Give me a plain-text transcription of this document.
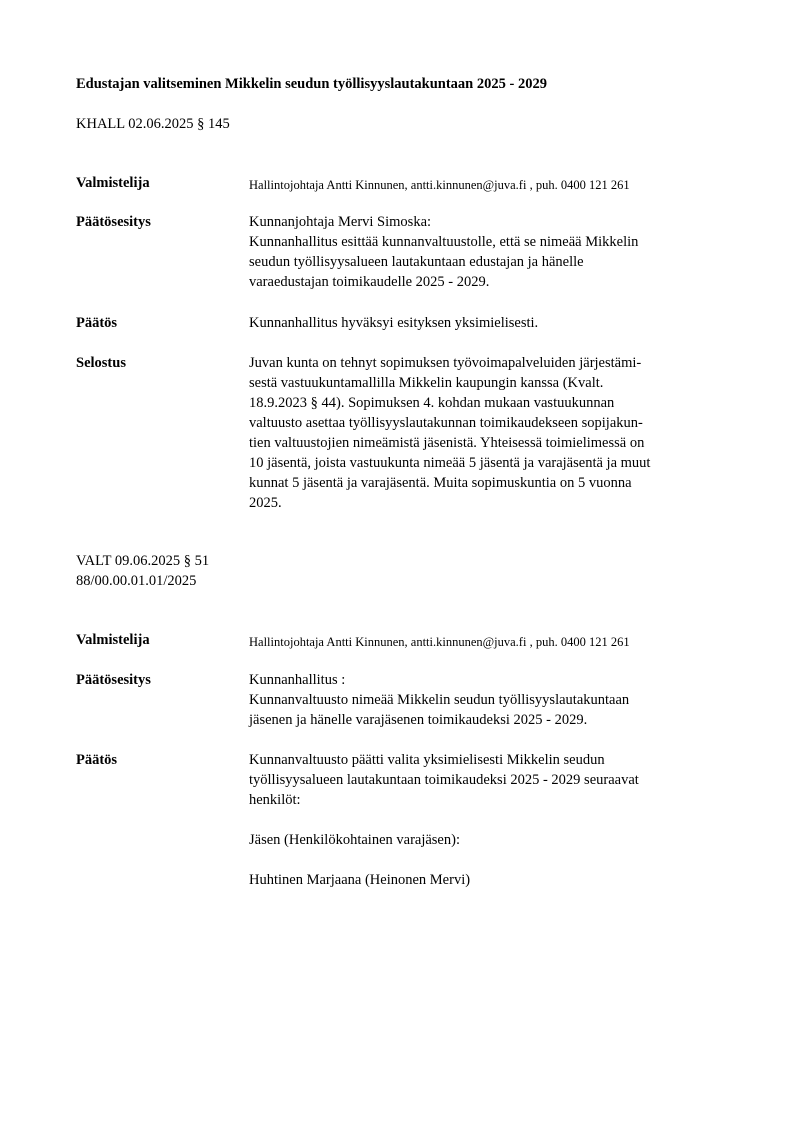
Edustajan valitseminen Mikkelin seudun työllisyyslautakuntaan 2025 - 2029
KHALL 02.06.2025 § 145
Valmistelija	Hallintojohtaja Antti Kinnunen, antti.kinnunen@juva.fi , puh. 0400 121 261
Päätösesitys	Kunnanjohtaja Mervi Simoska:
Kunnanhallitus esittää kunnanvaltuustolle, että se nimeää Mikkelin
seudun työllisyysalueen lautakuntaan edustajan ja hänelle
varaedustajan toimikaudelle 2025 - 2029.
Päätös	Kunnanhallitus hyväksyi esityksen yksimielisesti.
Selostus	Juvan kunta on tehnyt sopimuksen työvoimapalveluiden järjestämi-
sestä vastuukuntamallilla Mikkelin kaupungin kanssa (Kvalt.
18.9.2023 § 44). Sopimuksen 4. kohdan mukaan vastuukunnan
valtuusto asettaa työllisyyslautakunnan toimikaudekseen sopijakun-
tien valtuustojien nimeämistä jäsenistä. Yhteisessä toimielimessä on
10 jäsentä, joista vastuukunta nimeää 5 jäsentä ja varajäsentä ja muut
kunnat 5 jäsentä ja varajäsentä. Muita sopimuskuntia on 5 vuonna
2025.
VALT 09.06.2025 § 51
88/00.00.01.01/2025
Valmistelija	Hallintojohtaja Antti Kinnunen, antti.kinnunen@juva.fi , puh. 0400 121 261
Päätösesitys	Kunnanhallitus :
Kunnanvaltuusto nimeää Mikkelin seudun työllisyyslautakuntaan
jäsenen ja hänelle varajäsenen toimikaudeksi 2025 - 2029.
Päätös	Kunnanvaltuusto päätti valita yksimielisesti Mikkelin seudun
työllisyysalueen lautakuntaan toimikaudeksi 2025 - 2029 seuraavat
henkilöt:
Jäsen (Henkilökohtainen varajäsen):
Huhtinen Marjaana (Heinonen Mervi)
